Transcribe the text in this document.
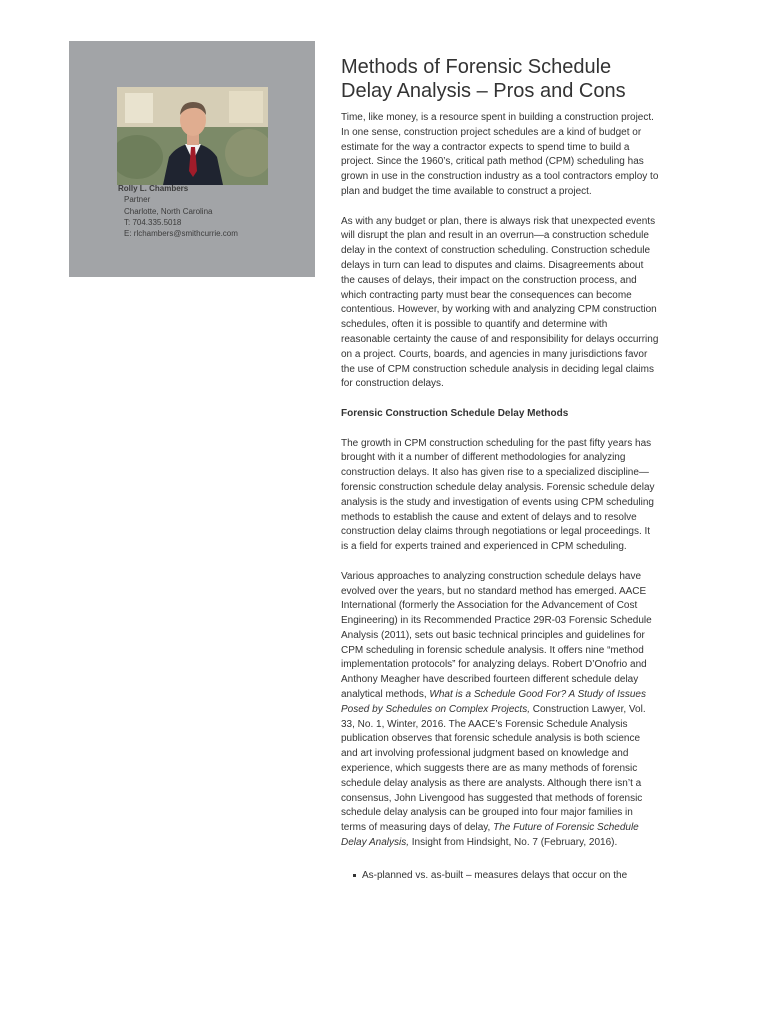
Rolly L. Chambers
Partner
Charlotte, North Carolina
T: 704.335.5018
E: rlchambers@smithcurrie.com
Methods of Forensic Schedule Delay Analysis – Pros and Cons

Time, like money, is a resource spent in building a construction project. In one sense, construction project schedules are a kind of budget or estimate for the way a contractor expects to spend time to build a project. Since the 1960’s, critical path method (CPM) scheduling has grown in use in the construction industry as a tool contractors employ to plan and budget the time available to construct a project.

As with any budget or plan, there is always risk that unexpected events will disrupt the plan and result in an overrun—a construction schedule delay in the context of construction scheduling. Construction schedule delays in turn can lead to disputes and claims. Disagreements about the causes of delays, their impact on the construction process, and which contracting party must bear the consequences can become contentious. However, by working with and analyzing CPM construction schedules, often it is possible to quantify and determine with reasonable certainty the cause of and responsibility for delays occurring on a project. Courts, boards, and agencies in many jurisdictions favor the use of CPM construction schedule analysis in deciding legal claims for construction delays.

Forensic Construction Schedule Delay Methods

The growth in CPM construction scheduling for the past fifty years has brought with it a number of different methodologies for analyzing construction delays. It also has given rise to a specialized discipline—forensic construction schedule delay analysis. Forensic schedule delay analysis is the study and investigation of events using CPM scheduling methods to establish the cause and extent of delays and to resolve construction delay claims through negotiations or legal proceedings. It is a field for experts trained and experienced in CPM scheduling.

Various approaches to analyzing construction schedule delays have evolved over the years, but no standard method has emerged. AACE International (formerly the Association for the Advancement of Cost Engineering) in its Recommended Practice 29R-03 Forensic Schedule Analysis (2011), sets out basic technical principles and guidelines for CPM scheduling in forensic schedule analysis. It offers nine “method implementation protocols” for analyzing delays. Robert D’Onofrio and Anthony Meagher have described fourteen different schedule delay analytical methods, What is a Schedule Good For? A Study of Issues Posed by Schedules on Complex Projects, Construction Lawyer, Vol. 33, No. 1, Winter, 2016. The AACE’s Forensic Schedule Analysis publication observes that forensic schedule analysis is both science and art involving professional judgment based on knowledge and experience, which suggests there are as many methods of forensic schedule delay analysis as there are analysts. Although there isn’t a consensus, John Livengood has suggested that methods of forensic schedule delay analysis can be grouped into four major families in terms of measuring days of delay, The Future of Forensic Schedule Delay Analysis, Insight from Hindsight, No. 7 (February, 2016).

As-planned vs. as-built – measures delays that occur on the
